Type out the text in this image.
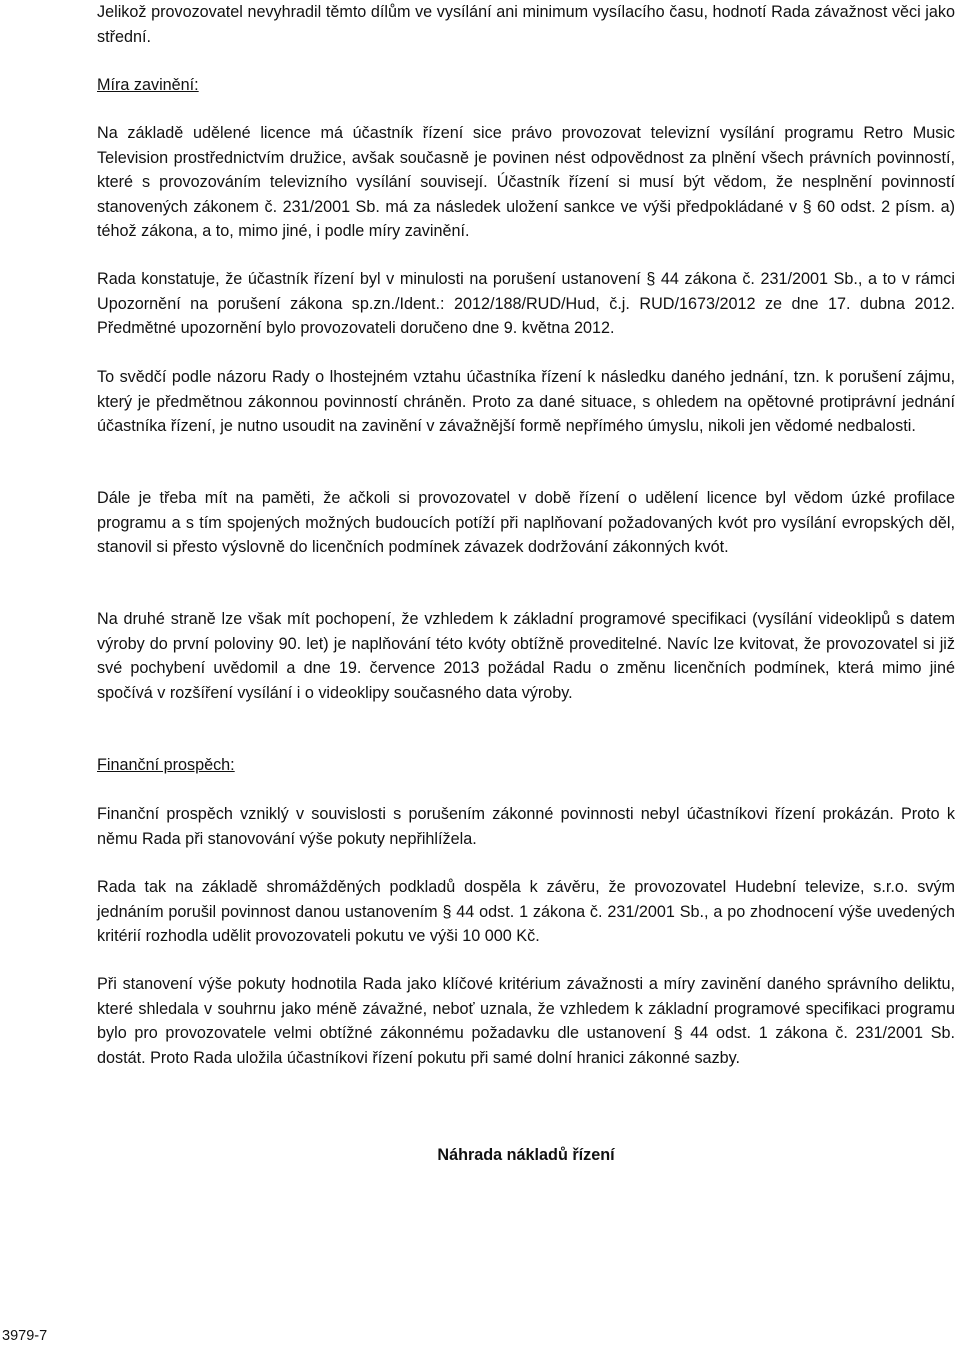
Jelikož provozovatel nevyhradil těmto dílům ve vysílání ani minimum vysílacího času, hodnotí Rada závažnost věci jako střední.

Míra zavinění:

Na základě udělené licence má účastník řízení sice právo provozovat televizní vysílání programu Retro Music Television prostřednictvím družice, avšak současně je povinen nést odpovědnost za plnění všech právních povinností, které s provozováním televizního vysílání souvisejí. Účastník řízení si musí být vědom, že nesplnění povinností stanovených zákonem č. 231/2001 Sb. má za následek uložení sankce ve výši předpokládané v § 60 odst. 2 písm. a) téhož zákona, a to, mimo jiné, i podle míry zavinění.

Rada konstatuje, že účastník řízení byl v minulosti na porušení ustanovení § 44 zákona č. 231/2001 Sb., a to v rámci Upozornění na porušení zákona sp.zn./Ident.: 2012/188/RUD/Hud, č.j. RUD/1673/2012 ze dne 17. dubna 2012. Předmětné upozornění bylo provozovateli doručeno dne 9. května 2012.

To svědčí podle názoru Rady o lhostejném vztahu účastníka řízení k následku daného jednání, tzn. k porušení zájmu, který je předmětnou zákonnou povinností chráněn. Proto za dané situace, s ohledem na opětovné protiprávní jednání účastníka řízení, je nutno usoudit na zavinění v závažnější formě nepřímého úmyslu, nikoli jen vědomé nedbalosti.

Dále je třeba mít na paměti, že ačkoli si provozovatel v době řízení o udělení licence byl vědom úzké profilace programu a s tím spojených možných budoucích potíží při naplňovaní požadovaných kvót pro vysílání evropských děl, stanovil si přesto výslovně do licenčních podmínek závazek dodržování zákonných kvót.

Na druhé straně lze však mít pochopení, že vzhledem k základní programové specifikaci (vysílání videoklipů s datem výroby do první poloviny 90. let) je naplňování této kvóty obtížně proveditelné. Navíc lze kvitovat, že provozovatel si již své pochybení uvědomil a dne 19. července 2013 požádal Radu o změnu licenčních podmínek, která mimo jiné spočívá v rozšíření vysílání i o videoklipy současného data výroby.

Finanční prospěch:

Finanční prospěch vzniklý v souvislosti s porušením zákonné povinnosti nebyl účastníkovi řízení prokázán. Proto k němu Rada při stanovování výše pokuty nepřihlížela.

Rada tak na základě shromážděných podkladů dospěla k závěru, že provozovatel Hudební televize, s.r.o. svým jednáním porušil povinnost danou ustanovením § 44 odst. 1 zákona č. 231/2001 Sb., a po zhodnocení výše uvedených kritérií rozhodla udělit provozovateli pokutu ve výši 10 000 Kč.

Při stanovení výše pokuty hodnotila Rada jako klíčové kritérium závažnosti a míry zavinění daného správního deliktu, které shledala v souhrnu jako méně závažné, neboť uznala, že vzhledem k základní programové specifikaci programu bylo pro provozovatele velmi obtížné zákonnému požadavku dle ustanovení § 44 odst. 1 zákona č. 231/2001 Sb. dostát. Proto Rada uložila účastníkovi řízení pokutu při samé dolní hranici zákonné sazby.

Náhrada nákladů řízení

3979-7
